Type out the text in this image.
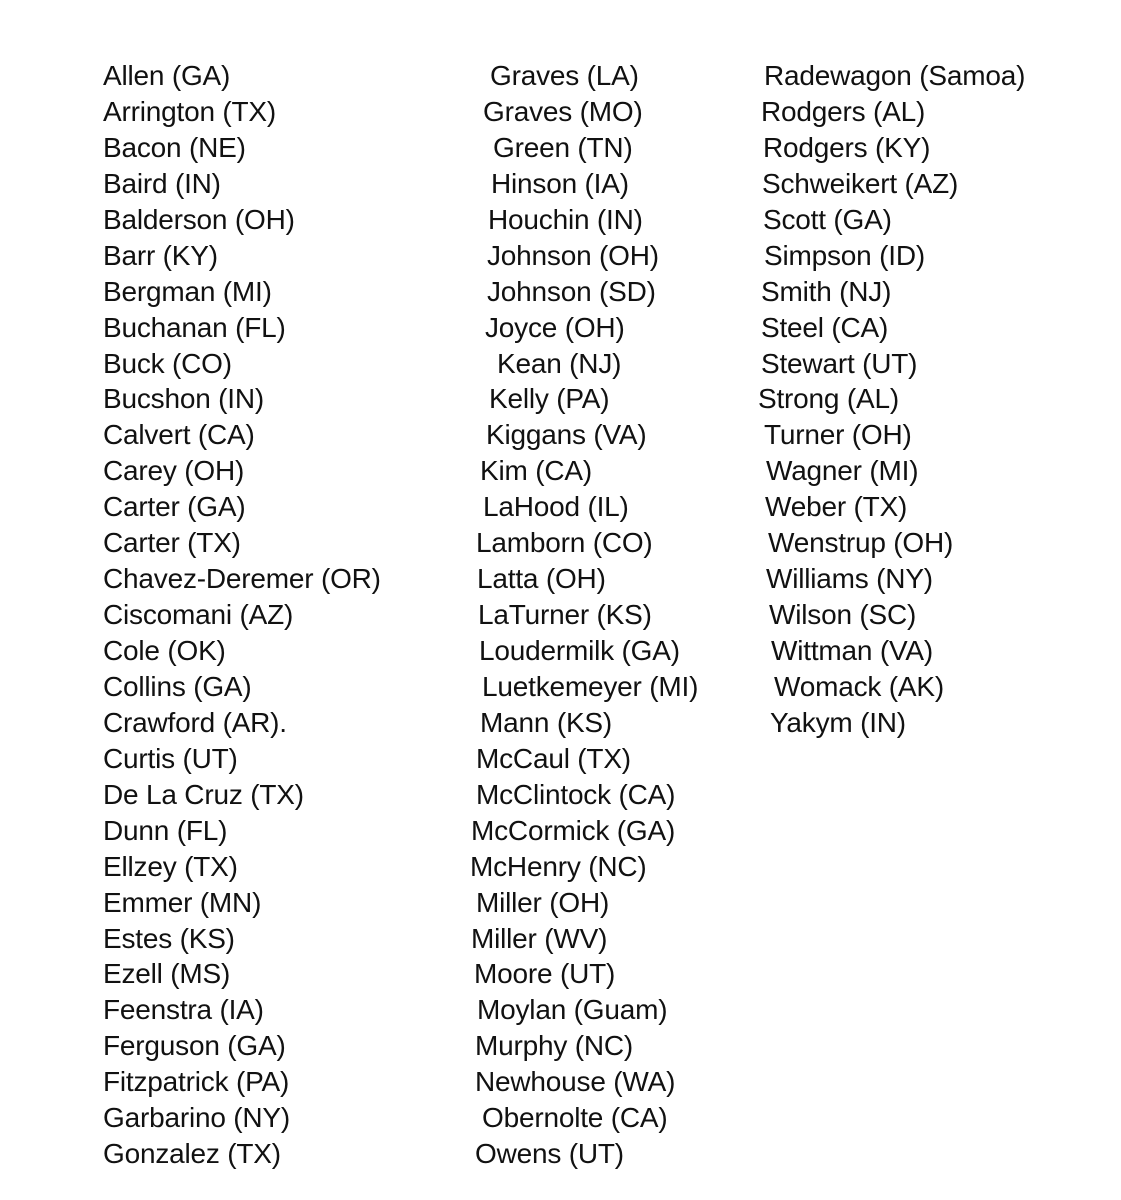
Allen (GA)
Arrington (TX)
Bacon (NE)
Baird (IN)
Balderson (OH)
Barr (KY)
Bergman (MI)
Buchanan (FL)
Buck (CO)
Bucshon (IN)
Calvert (CA)
Carey (OH)
Carter (GA)
Carter (TX)
Chavez-Deremer (OR)
Ciscomani (AZ)
Cole (OK)
Collins (GA)
Crawford (AR).
Curtis (UT)
De La Cruz (TX)
Dunn (FL)
Ellzey (TX)
Emmer (MN)
Estes (KS)
Ezell (MS)
Feenstra (IA)
Ferguson (GA)
Fitzpatrick (PA)
Garbarino (NY)
Gonzalez (TX)
Graves (LA)
Graves (MO)
Green (TN)
Hinson (IA)
Houchin (IN)
Johnson (OH)
Johnson (SD)
Joyce (OH)
Kean (NJ)
Kelly (PA)
Kiggans (VA)
Kim (CA)
LaHood (IL)
Lamborn (CO)
Latta (OH)
LaTurner (KS)
Loudermilk (GA)
Luetkemeyer (MI)
Mann (KS)
McCaul (TX)
McClintock (CA)
McCormick (GA)
McHenry (NC)
Miller (OH)
Miller (WV)
Moore (UT)
Moylan (Guam)
Murphy (NC)
Newhouse (WA)
Obernolte (CA)
Owens (UT)
Radewagon (Samoa)
Rodgers (AL)
Rodgers (KY)
Schweikert (AZ)
Scott (GA)
Simpson (ID)
Smith (NJ)
Steel (CA)
Stewart (UT)
Strong (AL)
Turner (OH)
Wagner (MI)
Weber (TX)
Wenstrup (OH)
Williams (NY)
Wilson (SC)
Wittman (VA)
Womack (AK)
Yakym (IN)
